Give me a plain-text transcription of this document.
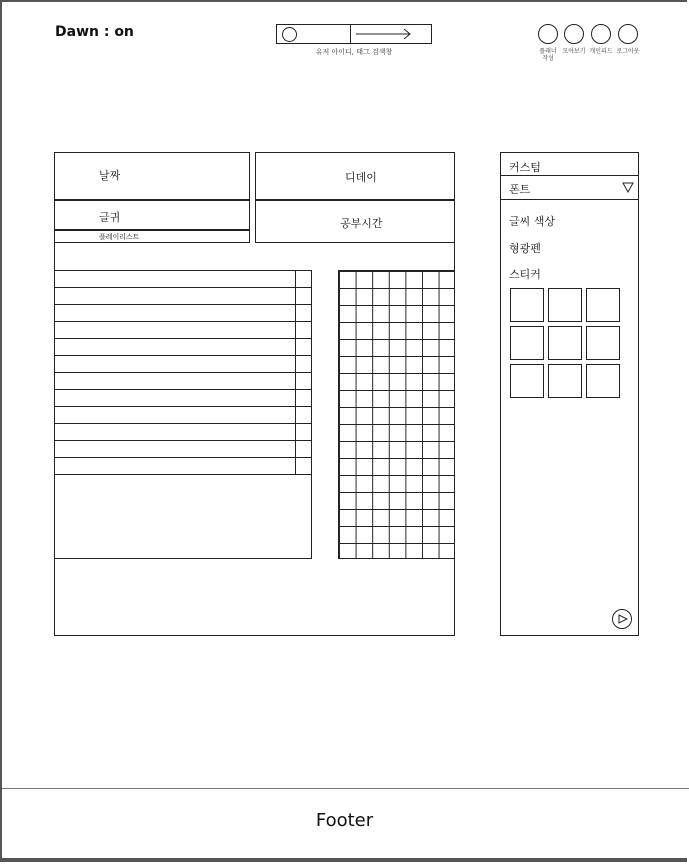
Dawn : on
유저 아이디, 태그 검색창
날짜	디데이
글귀
플레이리스트
공부시간
커스텀
폰트
글씨 색상
형광펜
스티커
Footer
플래너
작성
모아보기 개인피드 로그아웃
